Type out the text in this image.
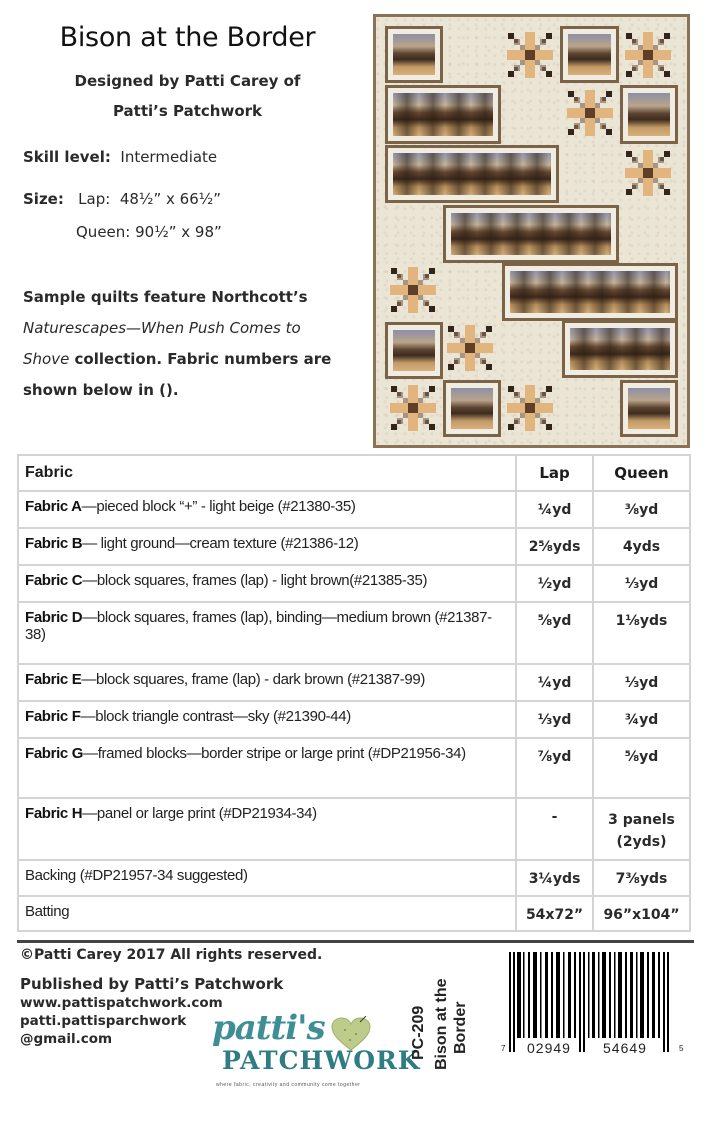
Bison at the Border
Designed by Patti Carey of
Patti’s Patchwork
Skill level: Intermediate
Size: Lap: 48½” x 66½”
Queen: 90½” x 98”
Sample quilts feature Northcott’s
Naturescapes—When Push Comes to
Shove collection. Fabric numbers are shown below in ().
Fabric	Lap	Queen
Fabric A—pieced block “+” - light beige (#21380-35)	¼yd	⅜yd
Fabric B— light ground—cream texture (#21386-12)	2⅝yds	4yds
Fabric C—block squares, frames (lap) - light brown(#21385-35)	½yd	⅓yd
Fabric D—block squares, frames (lap), binding—medium brown (#21387-38)	⅝yd	1⅛yds
Fabric E—block squares, frame (lap) - dark brown (#21387-99)	¼yd	⅓yd
Fabric F—block triangle contrast—sky (#21390-44)	⅓yd	¾yd
Fabric G—framed blocks—border stripe or large print (#DP21956-34)	⅞yd	⅝yd
Fabric H—panel or large print (#DP21934-34)	-	3 panels (2yds)
Backing (#DP21957-34 suggested)	3¼yds	7⅜yds
Batting	54x72”	96”x104”
©Patti Carey 2017 All rights reserved.
Published by Patti’s Patchwork
www.pattispatchwork.com
patti.pattisparchwork
@gmail.com	patti's
PATCHWORK
where fabric, creativity and community come together
PC-209 Bison at the Border	7 02949 54649	5
